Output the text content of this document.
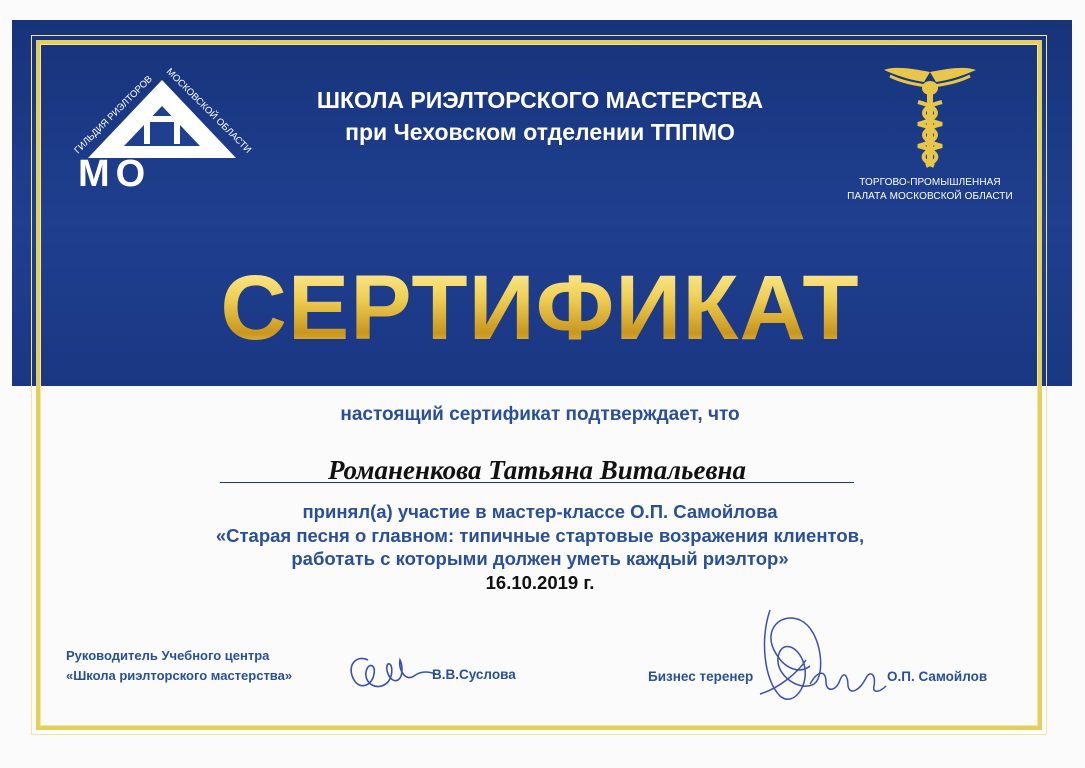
МО
ГИЛЬДИЯ РИЭЛТОРОВ
МОСКОВСКОЙ ОБЛАСТИ
ТОРГОВО-ПРОМЫШЛЕННАЯ
ПАЛАТА МОСКОВСКОЙ ОБЛАСТИ
ШКОЛА РИЭЛТОРСКОГО МАСТЕРСТВА
при Чеховском отделении ТППМО
СЕРТИФИКАТ
настоящий сертификат подтверждает, что
Романенкова Татьяна Витальевна
принял(а) участие в мастер-классе О.П. Самойлова
«Старая песня о главном: типичные стартовые возражения клиентов,
работать с которыми должен уметь каждый риэлтор»
16.10.2019 г.
Руководитель Учебного центра
«Школа риэлторского мастерства»	В.В.Суслова	Бизнес теренер	О.П. Самойлов
